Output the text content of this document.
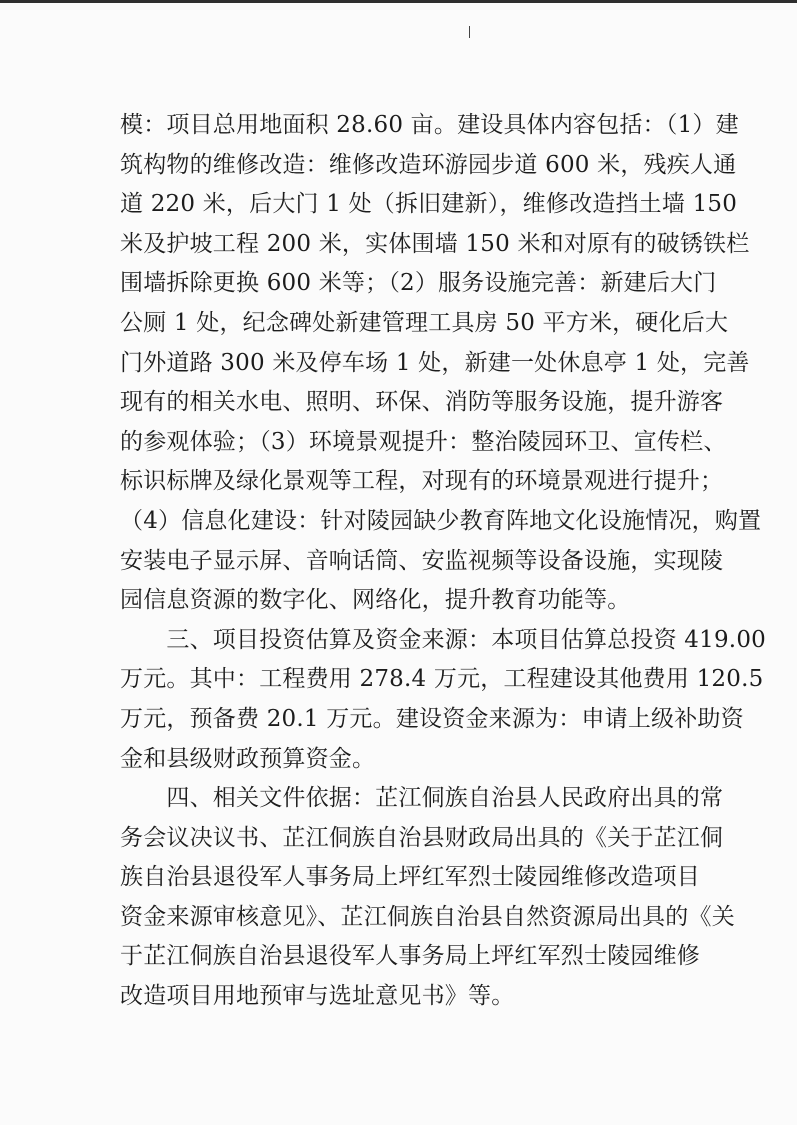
模：项目总用地面积 28.60 亩。建设具体内容包括：（1）建
筑构物的维修改造：维修改造环游园步道 600 米，残疾人通
道 220 米，后大门 1 处（拆旧建新），维修改造挡土墙 150
米及护坡工程 200 米，实体围墙 150 米和对原有的破锈铁栏
围墙拆除更换 600 米等；（2）服务设施完善：新建后大门
公厕 1 处，纪念碑处新建管理工具房 50 平方米，硬化后大
门外道路 300 米及停车场 1 处，新建一处休息亭 1 处，完善
现有的相关水电、照明、环保、消防等服务设施，提升游客
的参观体验；（3）环境景观提升：整治陵园环卫、宣传栏、
标识标牌及绿化景观等工程，对现有的环境景观进行提升；
（4）信息化建设：针对陵园缺少教育阵地文化设施情况，购置
安装电子显示屏、音响话筒、安监视频等设备设施，实现陵
园信息资源的数字化、网络化，提升教育功能等。
　　三、项目投资估算及资金来源：本项目估算总投资 419.00
万元。其中：工程费用 278.4 万元，工程建设其他费用 120.5
万元，预备费 20.1 万元。建设资金来源为：申请上级补助资
金和县级财政预算资金。
　　四、相关文件依据：芷江侗族自治县人民政府出具的常
务会议决议书、芷江侗族自治县财政局出具的《关于芷江侗
族自治县退役军人事务局上坪红军烈士陵园维修改造项目
资金来源审核意见》、芷江侗族自治县自然资源局出具的《关
于芷江侗族自治县退役军人事务局上坪红军烈士陵园维修
改造项目用地预审与选址意见书》等。
